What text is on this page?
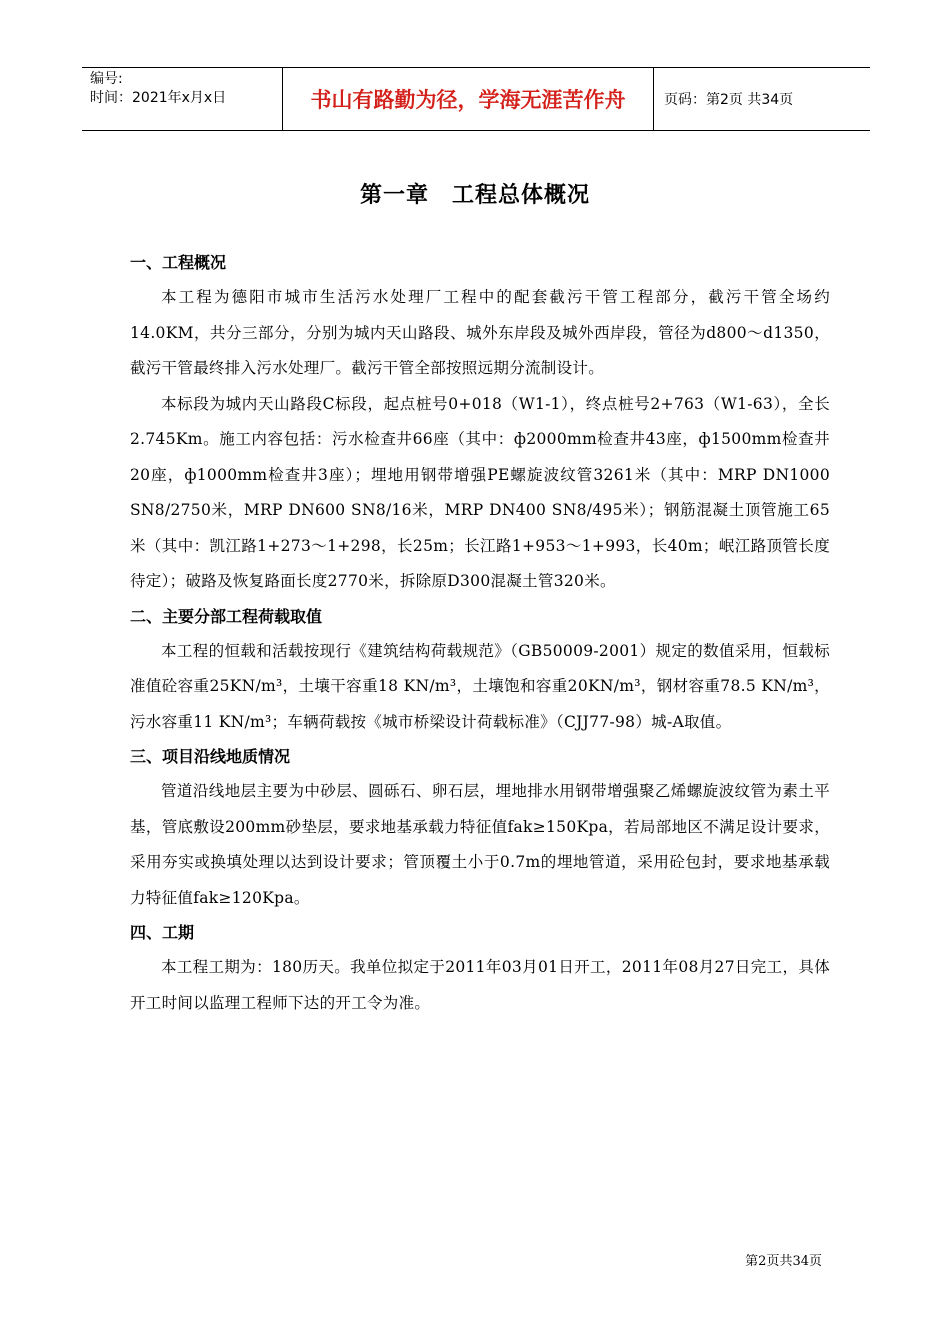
编号:
时间：2021年x月x日	书山有路勤为径，学海无涯苦作舟	页码：第2页 共34页
第一章　工程总体概况

一、工程概况

本工程为德阳市城市生活污水处理厂工程中的配套截污干管工程部分，截污干管全场约14.0KM，共分三部分，分别为城内天山路段、城外东岸段及城外西岸段，管径为d800～d1350，截污干管最终排入污水处理厂。截污干管全部按照远期分流制设计。

本标段为城内天山路段C标段，起点桩号0+018（W1-1），终点桩号2+763（W1-63），全长2.745Km。施工内容包括：污水检查井66座（其中：ф2000mm检查井43座，ф1500mm检查井20座，ф1000mm检查井3座）；埋地用钢带增强PE螺旋波纹管3261米（其中：MRP DN1000 SN8/2750米，MRP DN600 SN8/16米，MRP DN400 SN8/495米）；钢筋混凝土顶管施工65米（其中：凯江路1+273～1+298，长25m；长江路1+953～1+993，长40m；岷江路顶管长度待定）；破路及恢复路面长度2770米，拆除原D300混凝土管320米。

二、主要分部工程荷载取值

本工程的恒载和活载按现行《建筑结构荷载规范》（GB50009-2001）规定的数值采用，恒载标准值砼容重25KN/m³，土壤干容重18 KN/m³，土壤饱和容重20KN/m³，钢材容重78.5 KN/m³，污水容重11 KN/m³；车辆荷载按《城市桥梁设计荷载标准》（CJJ77-98）城-A取值。

三、项目沿线地质情况

管道沿线地层主要为中砂层、圆砾石、卵石层，埋地排水用钢带增强聚乙烯螺旋波纹管为素土平基，管底敷设200mm砂垫层，要求地基承载力特征值fak≥150Kpa，若局部地区不满足设计要求，采用夯实或换填处理以达到设计要求；管顶覆土小于0.7m的埋地管道，采用砼包封，要求地基承载力特征值fak≥120Kpa。

四、工期

本工程工期为：180历天。我单位拟定于2011年03月01日开工，2011年08月27日完工，具体开工时间以监理工程师下达的开工令为准。

第2页共34页
